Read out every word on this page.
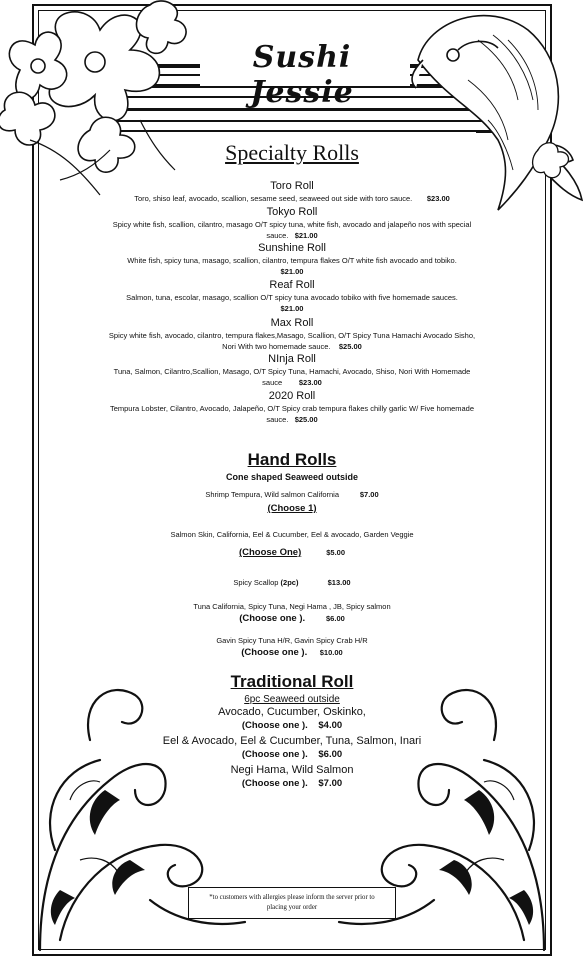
Sushi Jessie
Specialty Rolls
Toro Roll
Toro, shiso leaf, avocado, scallion, sesame seed, seaweed out side with toro sauce. $23.00
Tokyo Roll
Spicy white fish, scallion, cilantro, masago O/T spicy tuna, white fish, avocado and jalapeño nos with special sauce. $21.00
Sunshine Roll
White fish, spicy tuna, masago, scallion, cilantro, tempura flakes O/T white fish avocado and tobiko.
$21.00
Reaf Roll
Salmon, tuna, escolar, masago, scallion O/T spicy tuna avocado tobiko with five homemade sauces.
$21.00
Max Roll
Spicy white fish, avocado, cilantro, tempura flakes,Masago, Scallion, O/T Spicy Tuna Hamachi Avocado Sisho, Nori With two homemade sauce. $25.00
NInja Roll
Tuna, Salmon, Cilantro,Scallion, Masago, O/T Spicy Tuna, Hamachi, Avocado, Shiso, Nori With Homemade sauce $23.00
2020 Roll
Tempura Lobster, Cilantro, Avocado, Jalapeño, O/T Spicy crab tempura flakes chilly garlic W/ Five homemade sauce. $25.00
Hand Rolls
Cone shaped Seaweed outside
Shrimp Tempura, Wild salmon California	$7.00
(Choose 1)
Salmon Skin, California, Eel & Cucumber, Eel & avocado, Garden Veggie
(Choose One)	$5.00
Spicy Scallop (2pc)	$13.00
Tuna California, Spicy Tuna, Negi Hama , JB, Spicy salmon
(Choose one ).	$6.00
Gavin Spicy Tuna H/R, Gavin Spicy Crab H/R
(Choose one ). $10.00
Traditional Roll
6pc Seaweed outside
Avocado, Cucumber, Oskinko,
(Choose one ). $4.00
Eel & Avocado, Eel & Cucumber, Tuna, Salmon, Inari
(Choose one ). $6.00
Negi Hama, Wild Salmon
(Choose one ). $7.00
*to customers with allergies please inform the server prior to
placing your order
